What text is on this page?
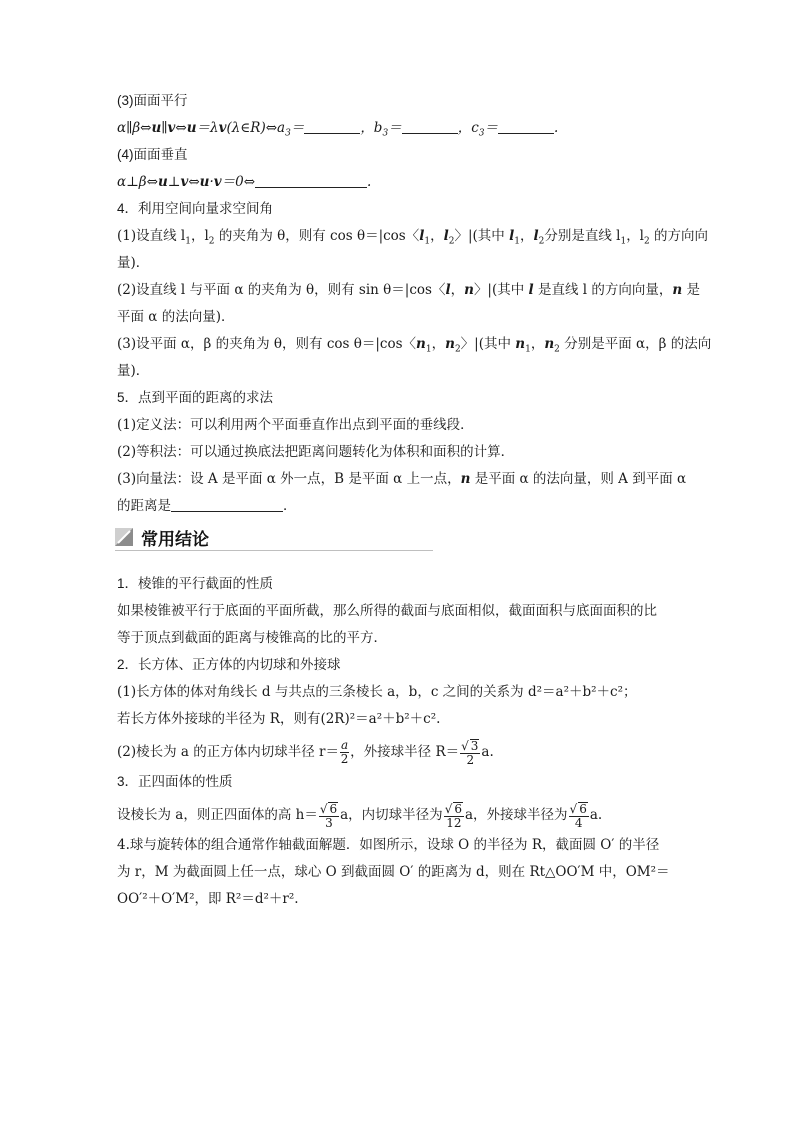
(3)面面平行
$\alpha\parallel\beta\Leftrightarrow u\parallel v\Leftrightarrow u=\lambda v(\lambda\in R)\Leftrightarrow a_3=$	，$b_3=$	，$c_3=$	.
(4)面面垂直
α⊥β⇔u⊥v⇔u·v＝0⇔	.
4．利用空间向量求空间角
(1)设直线 $l_1$，$l_2$ 的夹角为 θ，则有 cos θ＝|cos〈$l_1$，$l_2$〉|(其中 $l_1$，$l_2$分别是直线 $l_1$，$l_2$ 的方向向
量)．
(2)设直线 l 与平面 α 的夹角为 θ，则有 sin θ＝|cos〈l，n〉|(其中 l 是直线 l 的方向向量，n 是
平面 α 的法向量)．
(3)设平面 α，β 的夹角为 θ，则有 cos θ＝|cos〈$n_1$，$n_2$〉|(其中 $n_1$，$n_2$ 分别是平面 α，β 的法向
量)．
5．点到平面的距离的求法
(1)定义法：可以利用两个平面垂直作出点到平面的垂线段．
(2)等积法：可以通过换底法把距离问题转化为体积和面积的计算．
(3)向量法：设 A 是平面 α 外一点，B 是平面 α 上一点，n 是平面 α 的法向量，则 A 到平面 α
的距离是	．
常用结论
1．棱锥的平行截面的性质
如果棱锥被平行于底面的平面所截，那么所得的截面与底面相似，截面面积与底面面积的比
等于顶点到截面的距离与棱锥高的比的平方．
2．长方体、正方体的内切球和外接球
(1)长方体的体对角线长 d 与共点的三条棱长 a，b，c 之间的关系为 d²＝a²＋b²＋c²；
若长方体外接球的半径为 R，则有(2R)²＝a²＋b²＋c².
(2)棱长为 a 的正方体内切球半径 $r= \frac{a}{2}$ ，外接球半径 $R= \frac{√ 3}{2} a$.
3．正四面体的性质
设棱长为 a，则正四面体的高 $h= \frac{√ 6}{3}$ a，内切球半径为 $\frac{√ 6}{12}$ a，外接球半径为 $\frac{√ 6}{4} a$.
4.球与旋转体的组合通常作轴截面解题．如图所示，设球 O 的半径为 R，截面圆 O′ 的半径
为 r，M 为截面圆上任一点，球心 O 到截面圆 O′ 的距离为 d，则在 Rt△OO′M 中，OM²＝
OO′²＋O′M²，即 R²＝d²＋r².
